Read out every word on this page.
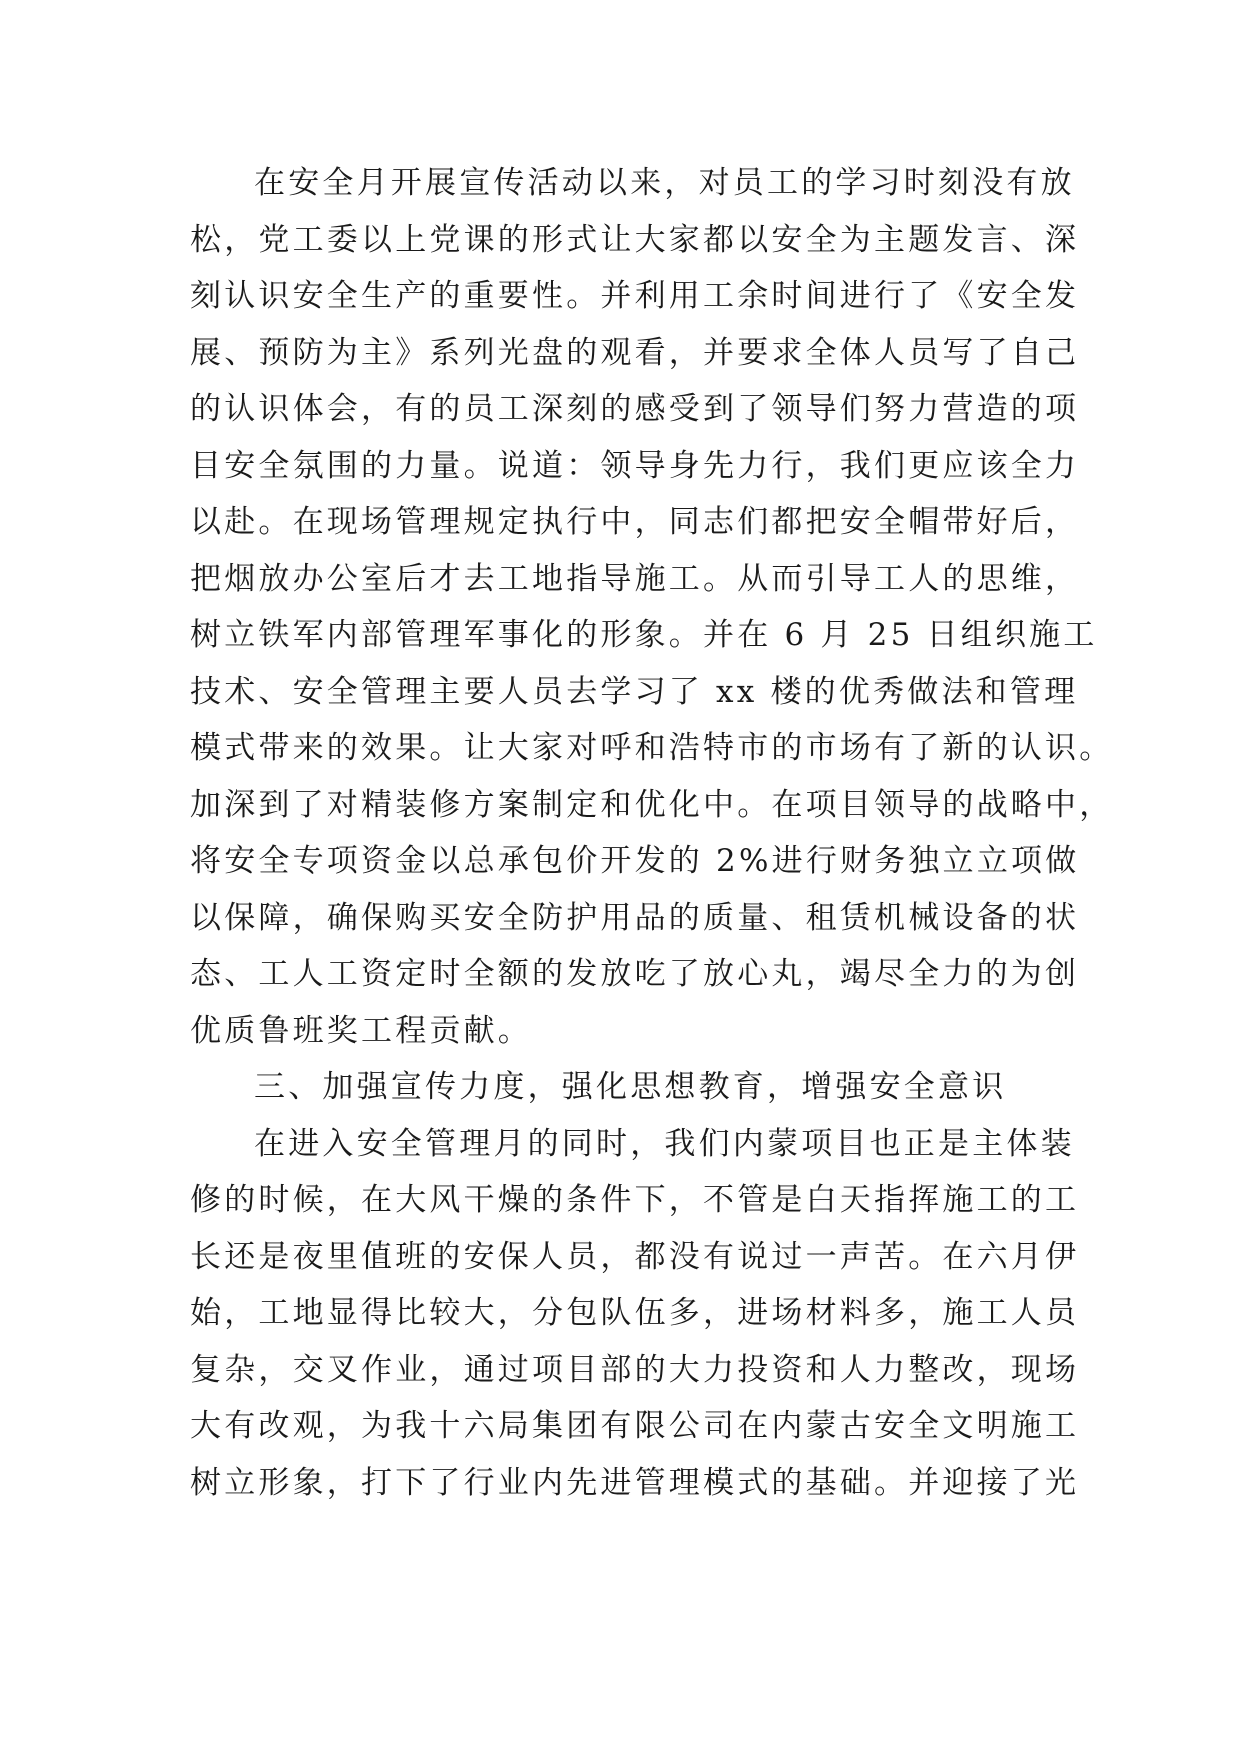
在安全月开展宣传活动以来，对员工的学习时刻没有放
松，党工委以上党课的形式让大家都以安全为主题发言、深
刻认识安全生产的重要性。并利用工余时间进行了《安全发
展、预防为主》系列光盘的观看，并要求全体人员写了自己
的认识体会，有的员工深刻的感受到了领导们努力营造的项
目安全氛围的力量。说道：领导身先力行，我们更应该全力
以赴。在现场管理规定执行中，同志们都把安全帽带好后，
把烟放办公室后才去工地指导施工。从而引导工人的思维，
树立铁军内部管理军事化的形象。并在 6 月 25 日组织施工
技术、安全管理主要人员去学习了 xx 楼的优秀做法和管理
模式带来的效果。让大家对呼和浩特市的市场有了新的认识。
加深到了对精装修方案制定和优化中。在项目领导的战略中，
将安全专项资金以总承包价开发的 2%进行财务独立立项做
以保障，确保购买安全防护用品的质量、租赁机械设备的状
态、工人工资定时全额的发放吃了放心丸，竭尽全力的为创
优质鲁班奖工程贡献。
三、加强宣传力度，强化思想教育，增强安全意识
在进入安全管理月的同时，我们内蒙项目也正是主体装
修的时候，在大风干燥的条件下，不管是白天指挥施工的工
长还是夜里值班的安保人员，都没有说过一声苦。在六月伊
始，工地显得比较大，分包队伍多，进场材料多，施工人员
复杂，交叉作业，通过项目部的大力投资和人力整改，现场
大有改观，为我十六局集团有限公司在内蒙古安全文明施工
树立形象，打下了行业内先进管理模式的基础。并迎接了光
